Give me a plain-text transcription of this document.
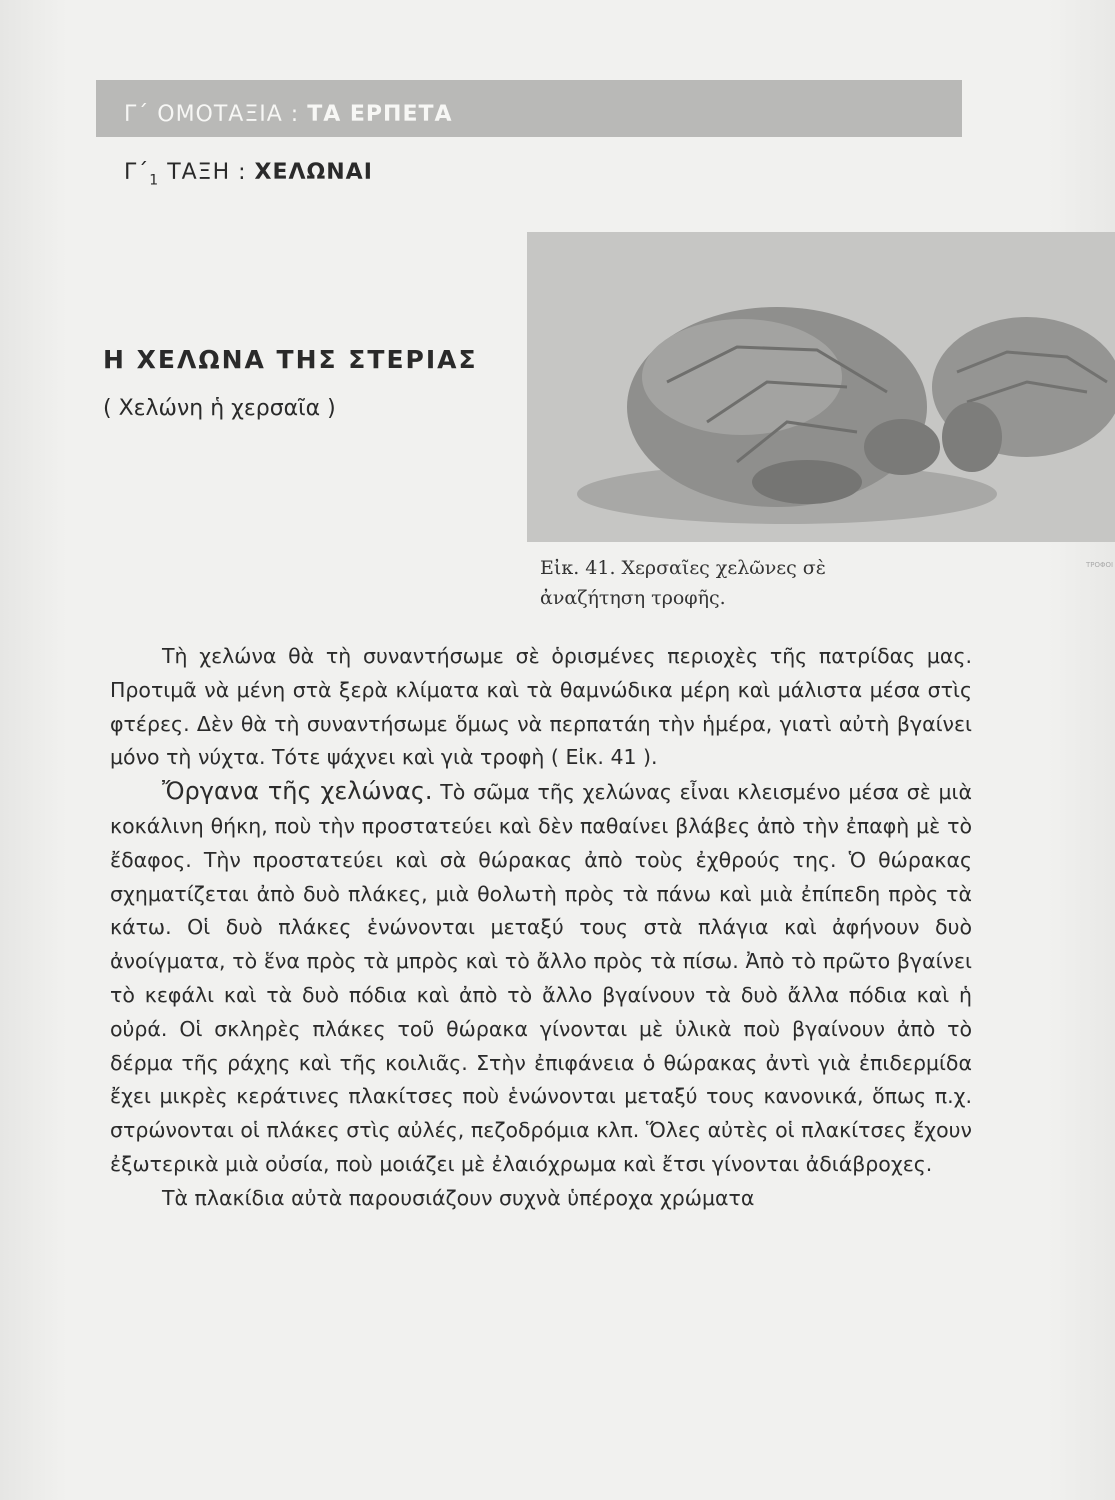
Γ΄ ΟΜΟΤΑΞΙΑ : ΤΑ ΕΡΠΕΤΑ
$\Gamma΄_1$ ΤΑΞΗ : ΧΕΛΩΝΑΙ
Εἰκ. 41. Χερσαῖες χελῶνες σὲ ἀναζήτηση τροφῆς.
ΤΡΟΦΟΙ
Η ΧΕΛΩΝΑ ΤΗΣ ΣΤΕΡΙΑΣ
( Χελώνη ἡ χερσαῖα )

Τὴ χελώνα θὰ τὴ συναντήσωμε σὲ ὁρισμένες περιοχὲς τῆς πατρίδας μας. Προτιμᾶ νὰ μένη στὰ ξερὰ κλίματα καὶ τὰ θαμνώδικα μέρη καὶ μάλιστα μέσα στὶς φτέρες. Δὲν θὰ τὴ συναντήσωμε ὅμως νὰ περπατάη τὴν ἡμέρα, γιατὶ αὐτὴ βγαίνει μόνο τὴ νύχτα. Τότε ψάχνει καὶ γιὰ τροφὴ ( Εἰκ. 41 ).

Ὄργανα τῆς χελώνας. Τὸ σῶμα τῆς χελώνας εἶναι κλεισμένο μέσα σὲ μιὰ κοκάλινη θήκη, ποὺ τὴν προστατεύει καὶ δὲν παθαίνει βλάβες ἀπὸ τὴν ἐπαφὴ μὲ τὸ ἔδαφος. Τὴν προστατεύει καὶ σὰ θώρακας ἀπὸ τοὺς ἐχθρούς της. Ὁ θώρακας σχηματίζεται ἀπὸ δυὸ πλάκες, μιὰ θολωτὴ πρὸς τὰ πάνω καὶ μιὰ ἐπίπεδη πρὸς τὰ κάτω. Οἱ δυὸ πλάκες ἑνώνονται μεταξύ τους στὰ πλάγια καὶ ἀφήνουν δυὸ ἀνοίγματα, τὸ ἕνα πρὸς τὰ μπρὸς καὶ τὸ ἄλλο πρὸς τὰ πίσω. Ἀπὸ τὸ πρῶτο βγαίνει τὸ κεφάλι καὶ τὰ δυὸ πόδια καὶ ἀπὸ τὸ ἄλλο βγαίνουν τὰ δυὸ ἄλλα πόδια καὶ ἡ οὐρά. Οἱ σκληρὲς πλάκες τοῦ θώρακα γίνονται μὲ ὑλικὰ ποὺ βγαίνουν ἀπὸ τὸ δέρμα τῆς ράχης καὶ τῆς κοιλιᾶς. Στὴν ἐπιφάνεια ὁ θώρακας ἀντὶ γιὰ ἐπιδερμίδα ἔχει μικρὲς κεράτινες πλακίτσες ποὺ ἑνώνονται μεταξύ τους κανονικά, ὅπως π.χ. στρώνονται οἱ πλάκες στὶς αὐλές, πεζοδρόμια κλπ. Ὅλες αὐτὲς οἱ πλακίτσες ἔχουν ἐξωτερικὰ μιὰ οὐσία, ποὺ μοιάζει μὲ ἐλαιόχρωμα καὶ ἔτσι γίνονται ἀδιάβροχες.

Τὰ πλακίδια αὐτὰ παρουσιάζουν συχνὰ ὑπέροχα χρώματα
